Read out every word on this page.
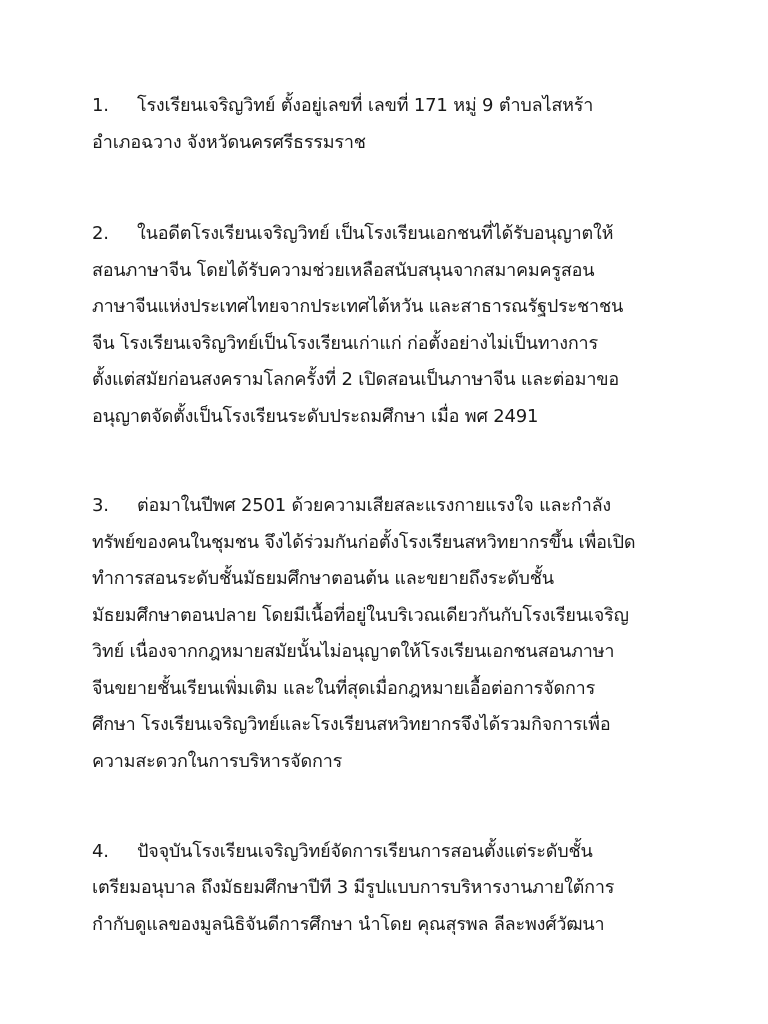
1. โรงเรียนเจริญวิทย์ ตั้งอยู่เลขที่ เลขที่ 171 หมู่ 9 ตำบลไสหร้า
อำเภอฉวาง จังหวัดนครศรีธรรมราช
2. ในอดีตโรงเรียนเจริญวิทย์ เป็นโรงเรียนเอกชนที่ได้รับอนุญาตให้
สอนภาษาจีน โดยได้รับความช่วยเหลือสนับสนุนจากสมาคมครูสอน
ภาษาจีนแห่งประเทศไทยจากประเทศไต้หวัน และสาธารณรัฐประชาชน
จีน โรงเรียนเจริญวิทย์เป็นโรงเรียนเก่าแก่ ก่อตั้งอย่างไม่เป็นทางการ
ตั้งแต่สมัยก่อนสงครามโลกครั้งที่ 2 เปิดสอนเป็นภาษาจีน และต่อมาขอ
อนุญาตจัดตั้งเป็นโรงเรียนระดับประถมศึกษา เมื่อ พศ 2491
3. ต่อมาในปีพศ 2501 ด้วยความเสียสละแรงกายแรงใจ และกำลัง
ทรัพย์ของคนในชุมชน จึงได้ร่วมกันก่อตั้งโรงเรียนสหวิทยากรขึ้น เพื่อเปิด
ทำการสอนระดับชั้นมัธยมศึกษาตอนต้น และขยายถึงระดับชั้น
มัธยมศึกษาตอนปลาย โดยมีเนื้อที่อยู่ในบริเวณเดียวกันกับโรงเรียนเจริญ
วิทย์ เนื่องจากกฎหมายสมัยนั้นไม่อนุญาตให้โรงเรียนเอกชนสอนภาษา
จีนขยายชั้นเรียนเพิ่มเติม และในที่สุดเมื่อกฎหมายเอื้อต่อการจัดการ
ศึกษา โรงเรียนเจริญวิทย์และโรงเรียนสหวิทยากรจึงได้รวมกิจการเพื่อ
ความสะดวกในการบริหารจัดการ
4. ปัจจุบันโรงเรียนเจริญวิทย์จัดการเรียนการสอนตั้งแต่ระดับชั้น
เตรียมอนุบาล ถึงมัธยมศึกษาปีที 3 มีรูปแบบการบริหารงานภายใต้การ
กำกับดูแลของมูลนิธิจันดีการศึกษา นำโดย คุณสุรพล ลีละพงศ์วัฒนา
